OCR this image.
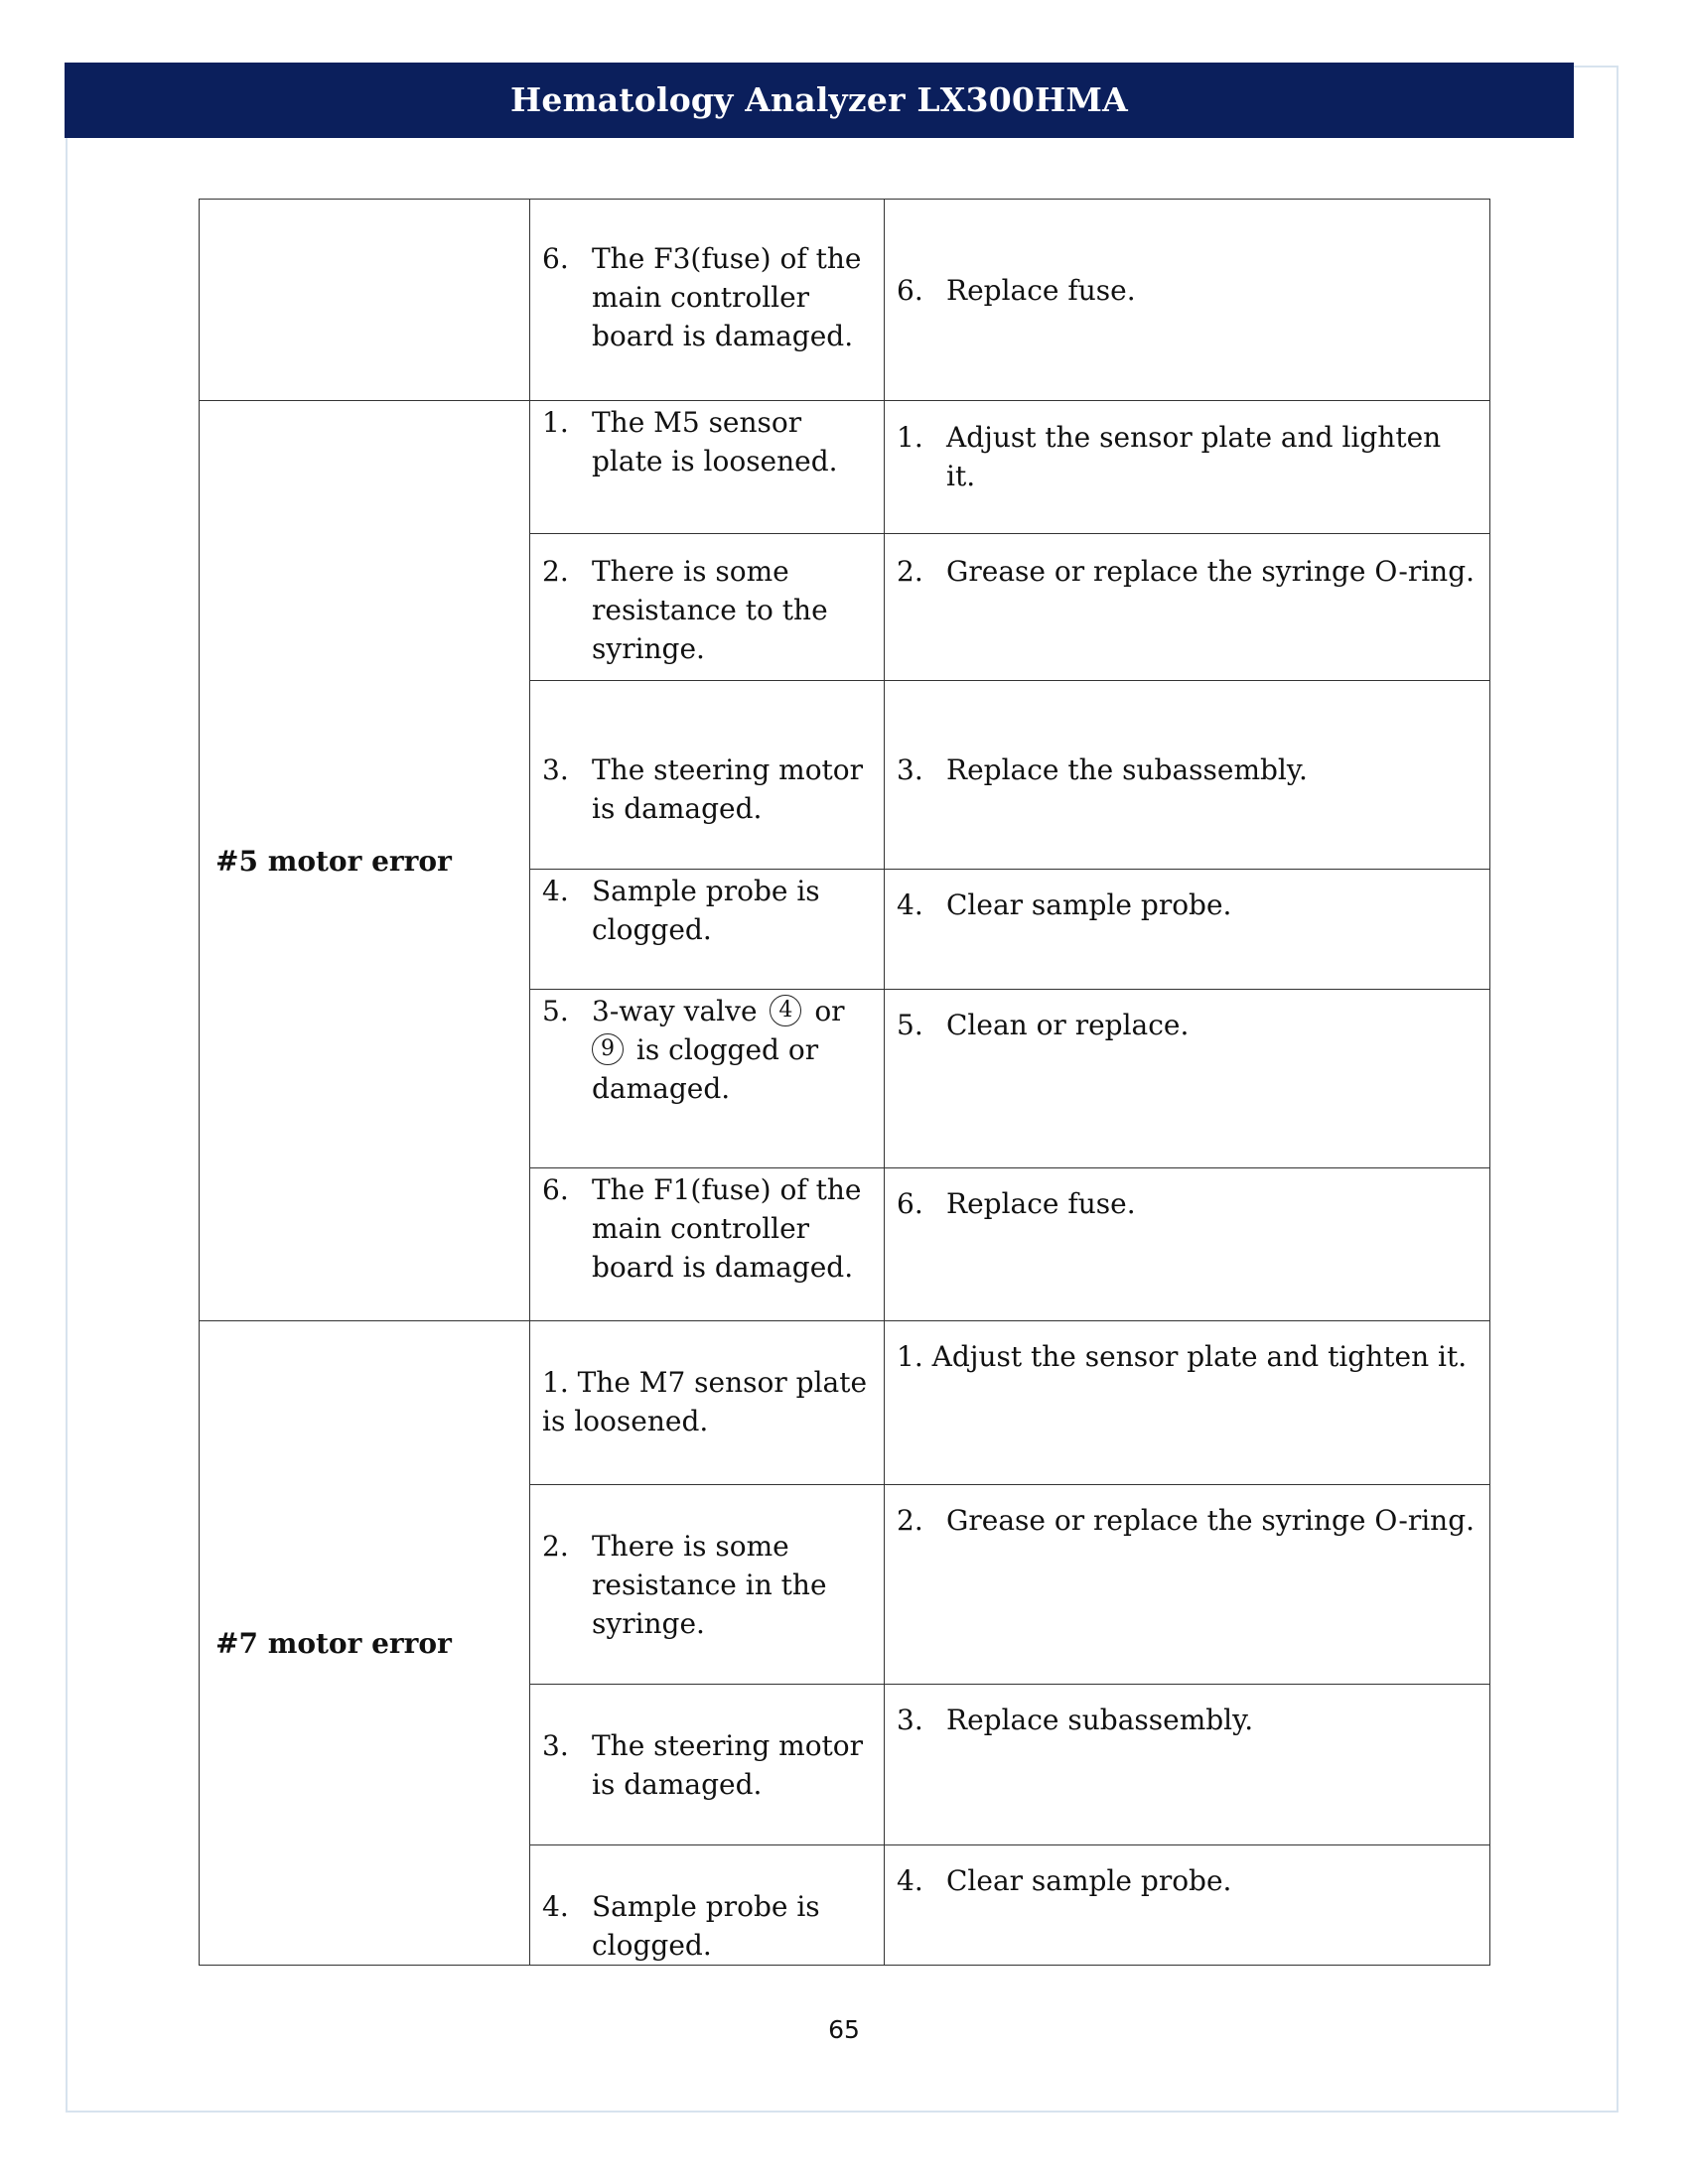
Hematology Analyzer LX300HMA

	6. The F3(fuse) of the main controller board is damaged.	6. Replace fuse.

#5 motor error	1. The M5 sensor plate is loosened.	1. Adjust the sensor plate and lighten it.

	2. There is some resistance to the syringe.	2. Grease or replace the syringe O-ring.

	3. The steering motor is damaged.	3. Replace the subassembly.

	4. Sample probe is clogged.	4. Clear sample probe.

	5. 3-way valve 4 or 9 is clogged or damaged.	5. Clean or replace.

	6. The F1(fuse) of the main controller board is damaged.	6. Replace fuse.

#7 motor error	1. The M7 sensor plate is loosened.	1. Adjust the sensor plate and tighten it.

	2. There is some resistance in the syringe.	2. Grease or replace the syringe O-ring.

	3. The steering motor is damaged.	3. Replace subassembly.

	4. Sample probe is clogged.	4. Clear sample probe.
65
